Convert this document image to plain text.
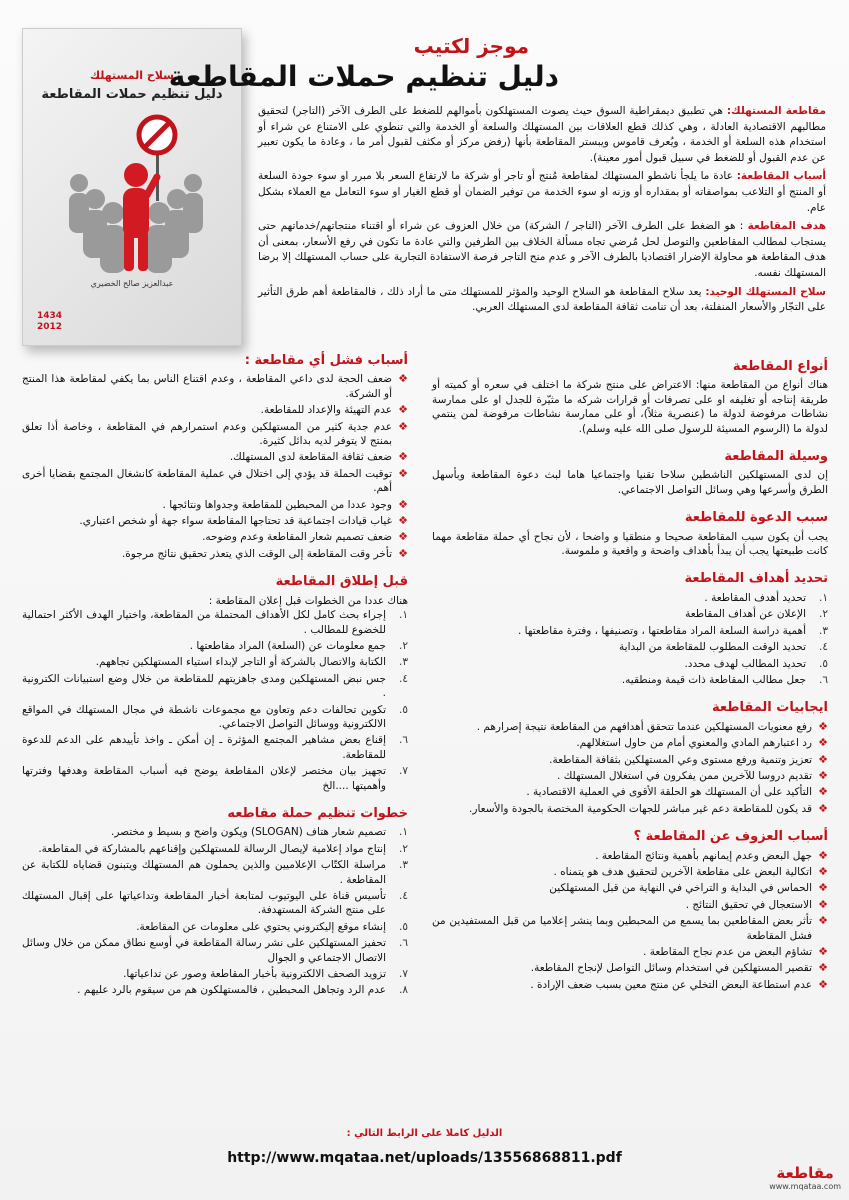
سلاح المستهلك
دليل تنظيم حملات المقاطعة
عبدالعزيز صالح الخضيري
1434
2012
موجز لكتيب
دليل تنظيم حملات المقاطعة

مقاطعة المستهلك: هي تطبيق ديمقراطية السوق حيث يصوت المستهلكون بأموالهم للضغط على الطرف الآخر (التاجر) لتحقيق مطالبهم الاقتصادية العادلة ، وهي كذلك قطع العلاقات بين المستهلك والسلعة أو الخدمة والتي تنطوي على الامتناع عن شراء أو استخدام هذه السلعة أو الخدمة ، ويُعرف قاموس ويبستر المقاطعة بأنها (رفض مركز أو مكثف لقبول أمر ما ، وعادة ما يكون تعبير عن عدم القبول أو للضغط في سبيل قبول أمور معينة).

أسباب المقاطعة: عادة ما يلجأ ناشطو المستهلك لمقاطعة مُنتج أو تاجر أو شركة ما لارتفاع السعر بلا مبرر او سوء جودة السلعة أو المنتج أو التلاعب بمواصفاته أو بمقداره أو وزنه او سوء الخدمة من توفير الضمان أو قطع الغيار او سوء التعامل مع العملاء بشكل عام.

هدف المقاطعة : هو الضغط على الطرف الآخر (التاجر / الشركة) من خلال العزوف عن شراء أو اقتناء منتجاتهم/خدماتهم حتى يستجاب لمطالب المقاطعين والتوصل لحل مُرضي تجاه مسألة الخلاف بين الطرفين والتي عادة ما تكون في رفع الأسعار، بمعنى أن هدف المقاطعة هو محاولة الإضرار اقتصاديا بالطرف الآخر و عدم منح التاجر فرصة الاستفادة التجارية على حساب المستهلك إلا برضا المستهلك نفسه.

سلاح المستهلك الوحيد: يعد سلاح المقاطعة هو السلاح الوحيد والمؤثر للمستهلك متى ما أراد ذلك ، فالمقاطعة أهم طرق التأثير على التجّار والأسعار المنفلتة، بعد أن تنامت ثقافة المقاطعة لدى المستهلك العربي.

أنواع المقاطعة

هناك أنواع من المقاطعة منها: الاعتراض على منتج شركة ما اختلف في سعره أو كميته أو طريقة إنتاجه أو تغليفه او على تصرفات أو قرارات شركه ما مثيّرة للجدل او على ممارسة نشاطات مرفوضة لدولة ما (عنصرية مثلاً)، أو على ممارسة نشاطات مرفوضة لمن ينتمي لدولة ما (الرسوم المسيئة للرسول صلى الله عليه وسلم).

وسيلة المقاطعة

إن لدى المستهلكين الناشطين سلاحا تقنيا واجتماعيا هاما لبث دعوة المقاطعة وبأسهل الطرق وأسرعها وهي وسائل التواصل الاجتماعي.

سبب الدعوة للمقاطعة

يجب أن يكون سبب المقاطعة صحيحا و منطقيا و واضحا ، لأن نجاح أي حملة مقاطعة مهما كانت طبيعتها يجب أن يبدأ بأهداف واضحة و واقعية و ملموسة.

تحديد أهداف المقاطعة
١.
تحديد أهدف المقاطعة .
٢.
الإعلان عن أهداف المقاطعة
٣.
أهمية دراسة السلعة المراد مقاطعتها ، وتصنيفها ، وفترة مقاطعتها .
٤.
تحديد الوقت المطلوب للمقاطعة من البداية
٥.
تحديد المطالب لهدف محدد.
٦.
جعل مطالب المقاطعة ذات قيمة ومنطقيه.
ايجابيات المقاطعة
❖
رفع معنويات المستهلكين عندما تتحقق أهدافهم من المقاطعة نتيجة إصرارهم .
❖
رد اعتبارهم المادي والمعنوي أمام من حاول استغلالهم.
❖
تعزيز وتنمية ورفع مستوى وعي المستهلكين بثقافة المقاطعة.
❖
تقديم دروسا للآخرين ممن يفكرون في استغلال المستهلك .
❖
التأكيد على أن المستهلك هو الحلقة الأقوى في العملية الاقتصادية .
❖
قد يكون للمقاطعة دعم غير مباشر للجهات الحكومية المختصة بالجودة والأسعار.
أسباب العزوف عن المقاطعة ؟
❖
جهل البعض وعدم إيمانهم بأهمية ونتائج المقاطعة .
❖
اتكالية البعض على مقاطعة الآخرين لتحقيق هدف هو يتمناه .
❖
الحماس في البداية و التراخي في النهاية من قبل المستهلكين
❖
الاستعجال في تحقيق النتائج .
❖
تأثر بعض المقاطعين بما يسمع من المحبطين وبما ينشر إعلاميا من قبل المستفيدين من فشل المقاطعة
❖
تشاؤم البعض من عدم نجاح المقاطعة .
❖
تقصير المستهلكين في استخدام وسائل التواصل لإنجاح المقاطعة.
❖
عدم استطاعة البعض التخلي عن منتج معين بسبب ضعف الإرادة .
أسباب فشل أي مقاطعة :
❖
ضعف الحجة لدى داعي المقاطعة ، وعدم اقتناع الناس بما يكفي لمقاطعة هذا المنتج أو الشركة.
❖
عدم التهيئة والإعداد للمقاطعة.
❖
عدم جدية كثير من المستهلكين وعدم استمرارهم في المقاطعة ، وخاصة أذا تعلق بمنتج لا يتوفر لديه بدائل كثيرة.
❖
ضعف ثقافة المقاطعة لدى المستهلك.
❖
توقيت الحملة قد يؤدي إلى اختلال في عملية المقاطعة كانشغال المجتمع بقضايا أخرى أهم.
❖
وجود عددا من المحبطين للمقاطعة وجدواها ونتائجها .
❖
غياب قيادات اجتماعية قد تحتاجها المقاطعة سواء جهة أو شخص اعتباري.
❖
ضعف تصميم شعار المقاطعة وعدم وضوحه.
❖
تأخر وقت المقاطعة إلى الوقت الذي يتعذر تحقيق نتائج مرجوة.
قبل إطلاق المقاطعة

هناك عددا من الخطوات قبل إعلان المقاطعة :

١.
إجراء بحث كامل لكل الأهداف المحتملة من المقاطعة، واختيار الهدف الأكثر احتمالية للخضوع للمطالب .
٢.
جمع معلومات عن (السلعة) المراد مقاطعتها .
٣.
الكتابة والاتصال بالشركة أو التاجر لإبداء استياء المستهلكين تجاههم.
٤.
جس نبض المستهلكين ومدى جاهزيتهم للمقاطعة من خلال وضع استبيانات الكترونية .
٥.
تكوين تحالفات دعم وتعاون مع مجموعات ناشطة في مجال المستهلك في المواقع الالكترونية ووسائل التواصل الاجتماعي.
٦.
إقناع بعض مشاهير المجتمع المؤثرة ـ إن أمكن ـ واخذ تأييدهم على الدعم للدعوة للمقاطعة.
٧.
تجهيز بيان مختصر لإعلان المقاطعة يوضح فيه أسباب المقاطعة وهدفها وفترتها وأهميتها ....الخ
خطوات تنظيم حملة مقاطعه
١.
تصميم شعار هتاف (SLOGAN) ويكون واضح و بسيط و مختصر.
٢.
إنتاج مواد إعلامية لإيصال الرسالة للمستهلكين وإقناعهم بالمشاركة في المقاطعة.
٣.
مراسلة الكتّاب الإعلاميين والذين يحملون هم المستهلك ويتبنون قضاياه للكتابة عن المقاطعة .
٤.
تأسيس قناة على اليوتيوب لمتابعة أخبار المقاطعة وتداعياتها على إقبال المستهلك على منتج الشركة المستهدفة.
٥.
إنشاء موقع إليكتروني يحتوي على معلومات عن المقاطعة.
٦.
تحفيز المستهلكين على نشر رسالة المقاطعة في أوسع نطاق ممكن من خلال وسائل الاتصال الاجتماعي و الجوال
٧.
تزويد الصحف الالكترونية بأخبار المقاطعة وصور عن تداعياتها.
٨.
عدم الرد وتجاهل المحبطين ، فالمستهلكون هم من سيقوم بالرد عليهم .
الدليل كاملا على الرابط التالي :
http://www.mqataa.net/uploads/13556868811.pdf
مقاطعة
www.mqataa.com
